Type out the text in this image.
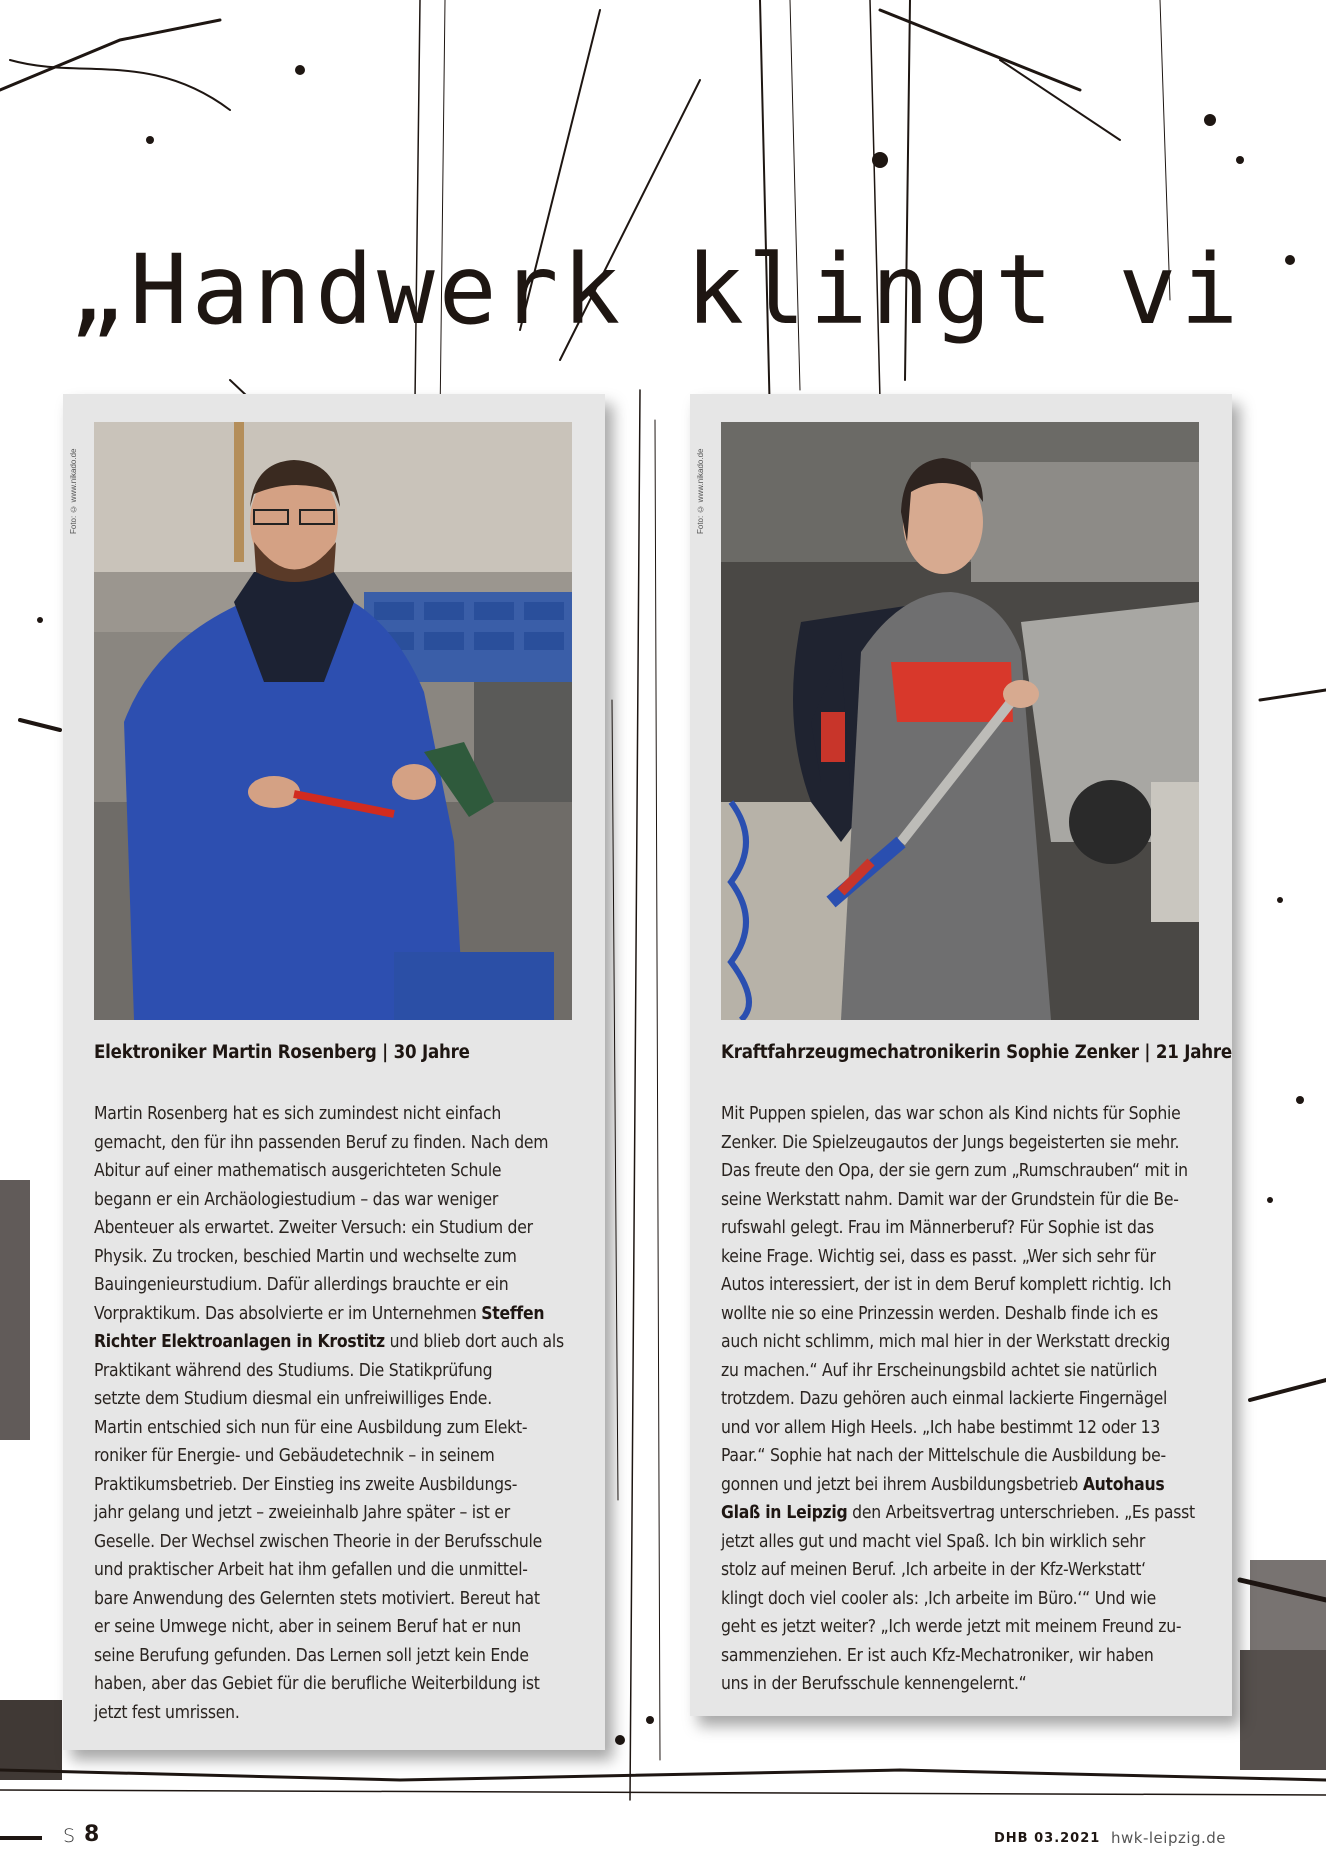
„Handwerk klingt vi
Foto: © www.nikado.de
Elektroniker Martin Rosenberg | 30 Jahre
Martin Rosenberg hat es sich zumindest nicht einfach
gemacht, den für ihn passenden Beruf zu finden. Nach dem
Abitur auf einer mathematisch ausgerichteten Schule
begann er ein Archäologiestudium – das war weniger
Abenteuer als erwartet. Zweiter Versuch: ein Studium der
Physik. Zu trocken, beschied Martin und wechselte zum
Bauingenieurstudium. Dafür allerdings brauchte er ein
Vorpraktikum. Das absolvierte er im Unternehmen Steffen
Richter Elektroanlagen in Krostitz und blieb dort auch als
Praktikant während des Studiums. Die Statikprüfung
setzte dem Studium diesmal ein unfreiwilliges Ende.
Martin entschied sich nun für eine Ausbildung zum Elekt-
roniker für Energie- und Gebäudetechnik – in seinem
Praktikumsbetrieb. Der Einstieg ins zweite Ausbildungs-
jahr gelang und jetzt – zweieinhalb Jahre später – ist er
Geselle. Der Wechsel zwischen Theorie in der Berufsschule
und praktischer Arbeit hat ihm gefallen und die unmittel-
bare Anwendung des Gelernten stets motiviert. Bereut hat
er seine Umwege nicht, aber in seinem Beruf hat er nun
seine Berufung gefunden. Das Lernen soll jetzt kein Ende
haben, aber das Gebiet für die berufliche Weiterbildung ist
jetzt fest umrissen.
Foto: © www.nikado.de
Kraftfahrzeugmechatronikerin Sophie Zenker | 21 Jahre
Mit Puppen spielen, das war schon als Kind nichts für Sophie
Zenker. Die Spielzeugautos der Jungs begeisterten sie mehr.
Das freute den Opa, der sie gern zum „Rumschrauben“ mit in
seine Werkstatt nahm. Damit war der Grundstein für die Be-
rufswahl gelegt. Frau im Männerberuf? Für Sophie ist das
keine Frage. Wichtig sei, dass es passt. „Wer sich sehr für
Autos interessiert, der ist in dem Beruf komplett richtig. Ich
wollte nie so eine Prinzessin werden. Deshalb finde ich es
auch nicht schlimm, mich mal hier in der Werkstatt dreckig
zu machen.“ Auf ihr Erscheinungsbild achtet sie natürlich
trotzdem. Dazu gehören auch einmal lackierte Fingernägel
und vor allem High Heels. „Ich habe bestimmt 12 oder 13
Paar.“ Sophie hat nach der Mittelschule die Ausbildung be-
gonnen und jetzt bei ihrem Ausbildungsbetrieb Autohaus
Glaß in Leipzig den Arbeitsvertrag unterschrieben. „Es passt
jetzt alles gut und macht viel Spaß. Ich bin wirklich sehr
stolz auf meinen Beruf. ‚Ich arbeite in der Kfz-Werkstatt‘
klingt doch viel cooler als: ‚Ich arbeite im Büro.‘“ Und wie
geht es jetzt weiter? „Ich werde jetzt mit meinem Freund zu-
sammenziehen. Er ist auch Kfz-Mechatroniker, wir haben
uns in der Berufsschule kennengelernt.“
S 8	DHB 03.2021 hwk-leipzig.de
